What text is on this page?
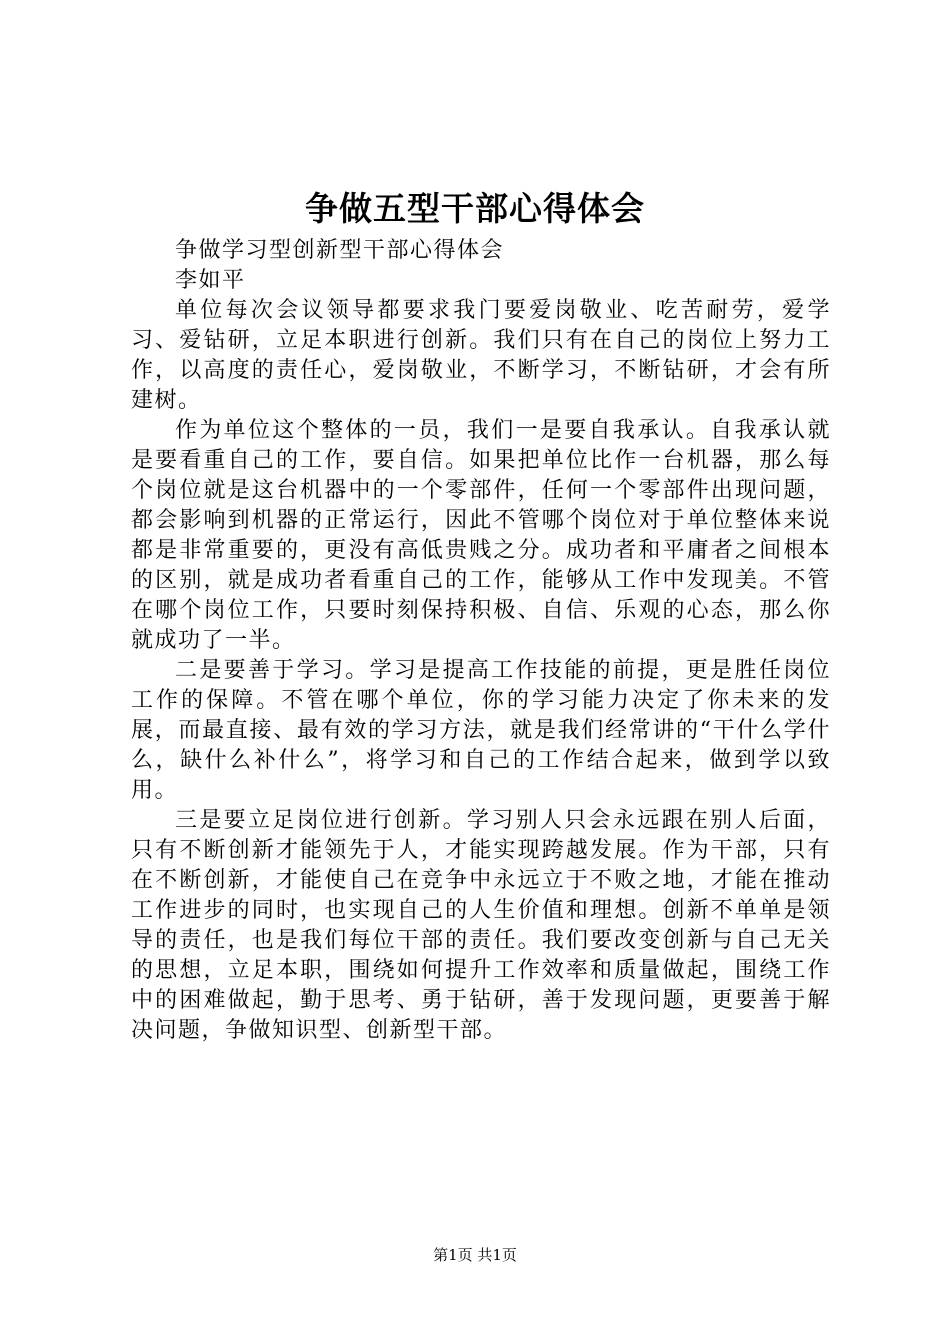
争做五型干部心得体会

争做学习型创新型干部心得体会

李如平

单位每次会议领导都要求我门要爱岗敬业、吃苦耐劳，爱学习、爱钻研，立足本职进行创新。我们只有在自己的岗位上努力工作，以高度的责任心，爱岗敬业，不断学习，不断钻研，才会有所建树。

作为单位这个整体的一员，我们一是要自我承认。自我承认就是要看重自己的工作，要自信。如果把单位比作一台机器，那么每个岗位就是这台机器中的一个零部件，任何一个零部件出现问题，都会影响到机器的正常运行，因此不管哪个岗位对于单位整体来说都是非常重要的，更没有高低贵贱之分。成功者和平庸者之间根本的区别，就是成功者看重自己的工作，能够从工作中发现美。不管在哪个岗位工作，只要时刻保持积极、自信、乐观的心态，那么你就成功了一半。

二是要善于学习。学习是提高工作技能的前提，更是胜任岗位工作的保障。不管在哪个单位，你的学习能力决定了你未来的发展，而最直接、最有效的学习方法，就是我们经常讲的“干什么学什么，缺什么补什么”，将学习和自己的工作结合起来，做到学以致用。

三是要立足岗位进行创新。学习别人只会永远跟在别人后面，只有不断创新才能领先于人，才能实现跨越发展。作为干部，只有在不断创新，才能使自己在竞争中永远立于不败之地，才能在推动工作进步的同时，也实现自己的人生价值和理想。创新不单单是领导的责任，也是我们每位干部的责任。我们要改变创新与自己无关的思想，立足本职，围绕如何提升工作效率和质量做起，围绕工作中的困难做起，勤于思考、勇于钻研，善于发现问题，更要善于解决问题，争做知识型、创新型干部。

第1页 共1页
